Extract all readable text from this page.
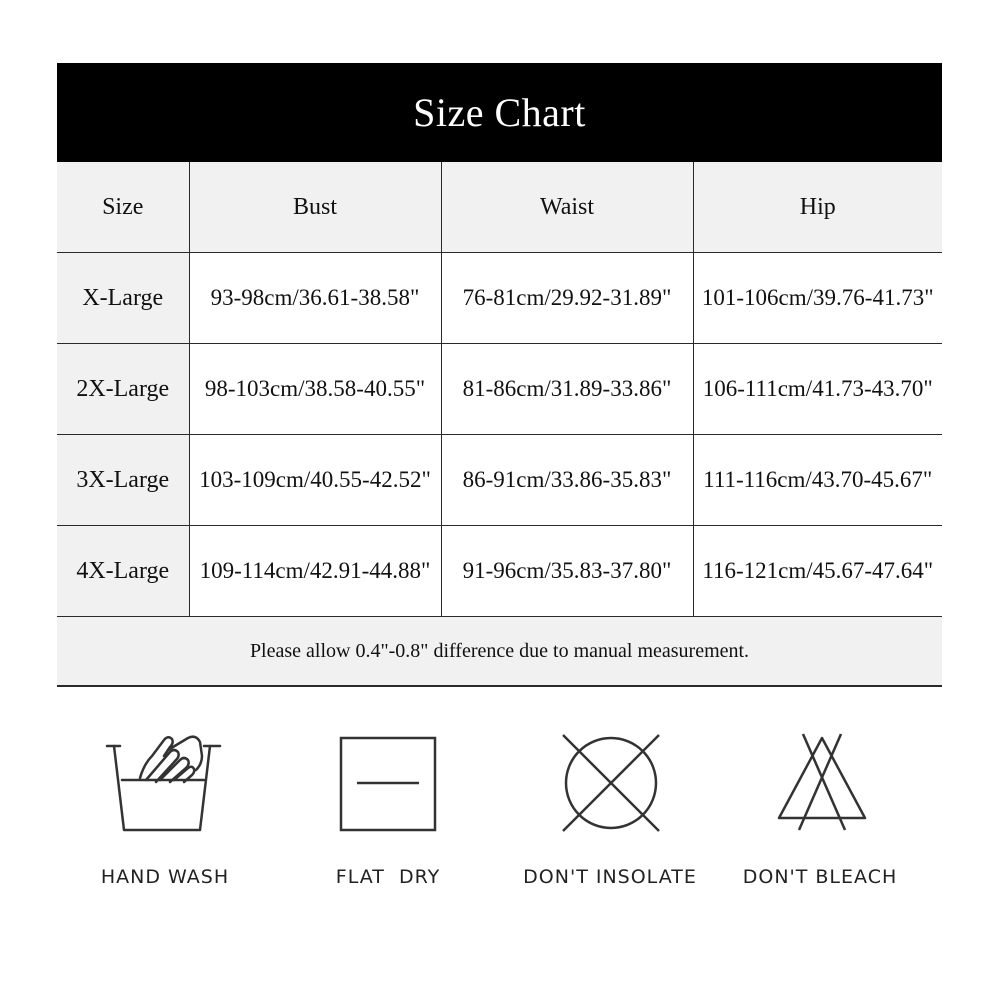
Size Chart
Size	Bust	Waist	Hip
X-Large	93-98cm/36.61-38.58"	76-81cm/29.92-31.89"	101-106cm/39.76-41.73"
2X-Large	98-103cm/38.58-40.55"	81-86cm/31.89-33.86"	106-111cm/41.73-43.70"
3X-Large	103-109cm/40.55-42.52"	86-91cm/33.86-35.83"	111-116cm/43.70-45.67"
4X-Large	109-114cm/42.91-44.88"	91-96cm/35.83-37.80"	116-121cm/45.67-47.64"
Please allow 0.4"-0.8" difference due to manual measurement.
HAND WASH	FLAT  DRY	DON'T INSOLATE	DON'T BLEACH
